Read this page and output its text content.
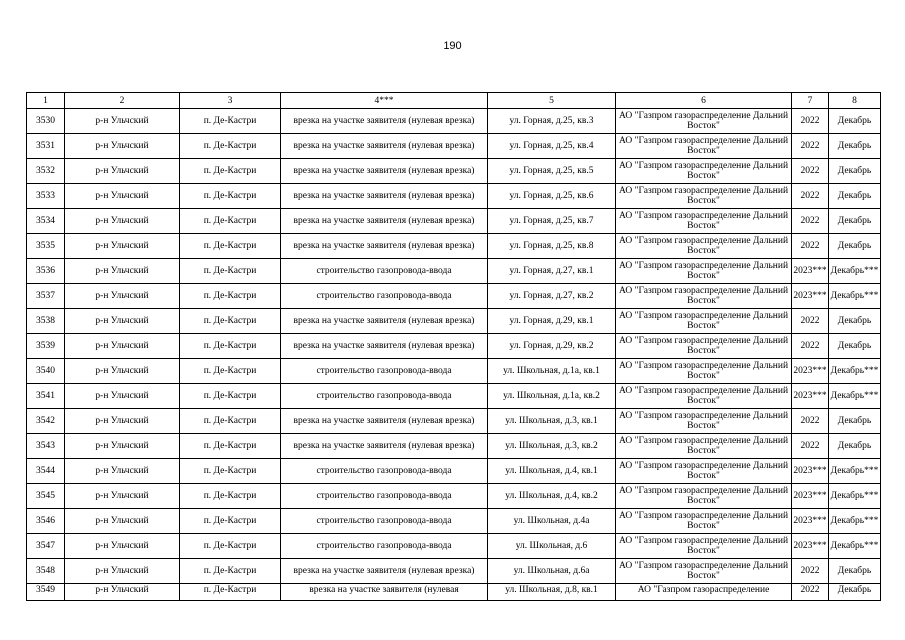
190
1	2	3	4***	5	6	7	8
3530	р-н Ульчский	п. Де-Кастри	врезка на участке заявителя (нулевая врезка)	ул. Горная, д.25, кв.3	АО "Газпром газораспределение Дальний Восток"	2022	Декабрь
3531	р-н Ульчский	п. Де-Кастри	врезка на участке заявителя (нулевая врезка)	ул. Горная, д.25, кв.4	АО "Газпром газораспределение Дальний Восток"	2022	Декабрь
3532	р-н Ульчский	п. Де-Кастри	врезка на участке заявителя (нулевая врезка)	ул. Горная, д.25, кв.5	АО "Газпром газораспределение Дальний Восток"	2022	Декабрь
3533	р-н Ульчский	п. Де-Кастри	врезка на участке заявителя (нулевая врезка)	ул. Горная, д.25, кв.6	АО "Газпром газораспределение Дальний Восток"	2022	Декабрь
3534	р-н Ульчский	п. Де-Кастри	врезка на участке заявителя (нулевая врезка)	ул. Горная, д.25, кв.7	АО "Газпром газораспределение Дальний Восток"	2022	Декабрь
3535	р-н Ульчский	п. Де-Кастри	врезка на участке заявителя (нулевая врезка)	ул. Горная, д.25, кв.8	АО "Газпром газораспределение Дальний Восток"	2022	Декабрь
3536	р-н Ульчский	п. Де-Кастри	строительство газопровода-ввода	ул. Горная, д.27, кв.1	АО "Газпром газораспределение Дальний Восток"	2023***	Декабрь***
3537	р-н Ульчский	п. Де-Кастри	строительство газопровода-ввода	ул. Горная, д.27, кв.2	АО "Газпром газораспределение Дальний Восток"	2023***	Декабрь***
3538	р-н Ульчский	п. Де-Кастри	врезка на участке заявителя (нулевая врезка)	ул. Горная, д.29, кв.1	АО "Газпром газораспределение Дальний Восток"	2022	Декабрь
3539	р-н Ульчский	п. Де-Кастри	врезка на участке заявителя (нулевая врезка)	ул. Горная, д.29, кв.2	АО "Газпром газораспределение Дальний Восток"	2022	Декабрь
3540	р-н Ульчский	п. Де-Кастри	строительство газопровода-ввода	ул. Школьная, д.1а, кв.1	АО "Газпром газораспределение Дальний Восток"	2023***	Декабрь***
3541	р-н Ульчский	п. Де-Кастри	строительство газопровода-ввода	ул. Школьная, д.1а, кв.2	АО "Газпром газораспределение Дальний Восток"	2023***	Декабрь***
3542	р-н Ульчский	п. Де-Кастри	врезка на участке заявителя (нулевая врезка)	ул. Школьная, д.3, кв.1	АО "Газпром газораспределение Дальний Восток"	2022	Декабрь
3543	р-н Ульчский	п. Де-Кастри	врезка на участке заявителя (нулевая врезка)	ул. Школьная, д.3, кв.2	АО "Газпром газораспределение Дальний Восток"	2022	Декабрь
3544	р-н Ульчский	п. Де-Кастри	строительство газопровода-ввода	ул. Школьная, д.4, кв.1	АО "Газпром газораспределение Дальний Восток"	2023***	Декабрь***
3545	р-н Ульчский	п. Де-Кастри	строительство газопровода-ввода	ул. Школьная, д.4, кв.2	АО "Газпром газораспределение Дальний Восток"	2023***	Декабрь***
3546	р-н Ульчский	п. Де-Кастри	строительство газопровода-ввода	ул. Школьная, д.4а	АО "Газпром газораспределение Дальний Восток"	2023***	Декабрь***
3547	р-н Ульчский	п. Де-Кастри	строительство газопровода-ввода	ул. Школьная, д.6	АО "Газпром газораспределение Дальний Восток"	2023***	Декабрь***
3548	р-н Ульчский	п. Де-Кастри	врезка на участке заявителя (нулевая врезка)	ул. Школьная, д.6а	АО "Газпром газораспределение Дальний Восток"	2022	Декабрь
3549	р-н Ульчский	п. Де-Кастри	врезка на участке заявителя (нулевая	ул. Школьная, д.8, кв.1	АО "Газпром газораспределение	2022	Декабрь
